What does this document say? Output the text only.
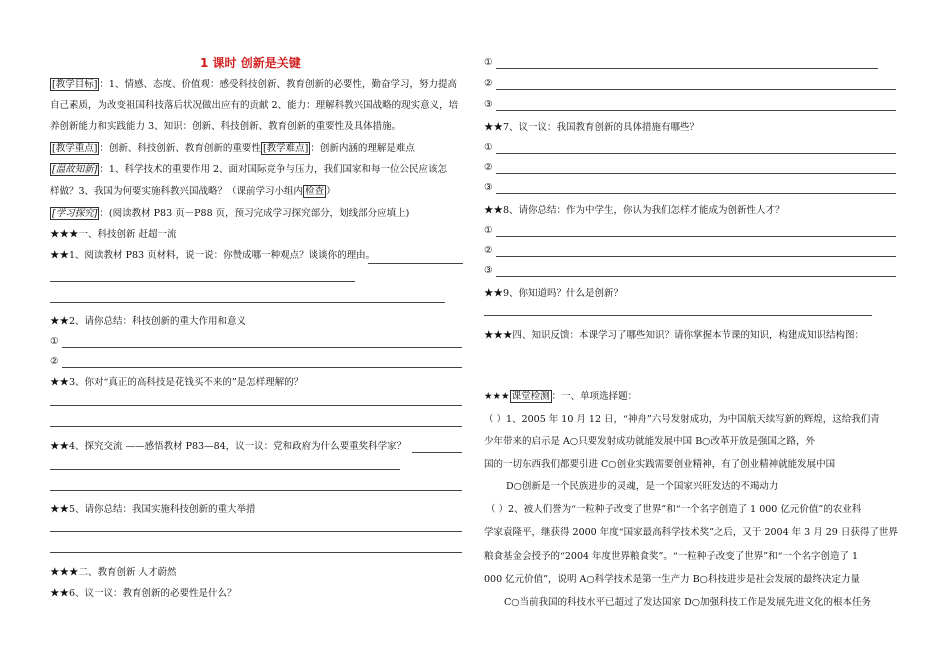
1 课时 创新是关键
[教学目标] ：1、情感、态度、价值观：感受科技创新、教育创新的必要性，勤奋学习，努力提高
自己素质，为改变祖国科技落后状况做出应有的贡献 2、能力：理解科教兴国战略的现实意义，培
养创新能力和实践能力 3、知识：创新、科技创新、教育创新的重要性及具体措施。
[教学重点] ：创新、科技创新、教育创新的重要性 [教学难点] ：创新内涵的理解是难点
[温故知新] ：1、科学技术的重要作用 2、面对国际竞争与压力，我们国家和每一位公民应该怎
样做？3、我国为何要实施科教兴国战略？（课前学习小组内 检查 ）
[学习探究] ：(阅读教材 P83 页－P88 页，预习完成学习探究部分，划线部分应填上)
★★★一、科技创新 赶超一流
★★1、阅读教材 P83 页材料，说一说：你赞成哪一种观点？谈谈你的理由。
★★2、请你总结：科技创新的重大作用和意义
①
②
★★3、你对“真正的高科技是花钱买不来的”是怎样理解的？
★★4、探究交流 ——感悟教材 P83—84，议一议：党和政府为什么要重奖科学家？
★★5、请你总结：我国实施科技创新的重大举措
★★★二、教育创新 人才蔚然
★★6、议一议：教育创新的必要性是什么？
①
②
③
★★7、议一议：我国教育创新的具体措施有哪些？
①
②
③
★★8、请你总结：作为中学生，你认为我们怎样才能成为创新性人才？
①
②
③
★★9、你知道吗？什么是创新？
★★★四、知识反馈：本课学习了哪些知识？请你掌握本节课的知识，构建成知识结构图：
★★★ 课堂检测 ：一、单项选择题：
（ ）1、2005 年 10 月 12 日，“神舟”六号发射成功，为中国航天续写新的辉煌，这给我们青
少年带来的启示是 A○只要发射成功就能发展中国 B○改革开放是强国之路，外
国的一切东西我们都要引进 C○创业实践需要创业精神，有了创业精神就能发展中国
D○创新是一个民族进步的灵魂，是一个国家兴旺发达的不竭动力
（ ）2、被人们誉为“一粒种子改变了世界”和“一个名字创造了 1 000 亿元价值”的农业科
学家袁隆平，继获得 2000 年度“国家最高科学技术奖”之后，又于 2004 年 3 月 29 日获得了世界
粮食基金会授予的“2004 年度世界粮食奖”。“一粒种子改变了世界”和“一个名字创造了 1
000 亿元价值”，说明 A○科学技术是第一生产力 B○科技进步是社会发展的最终决定力量
C○当前我国的科技水平已超过了发达国家 D○加强科技工作是发展先进文化的根本任务
